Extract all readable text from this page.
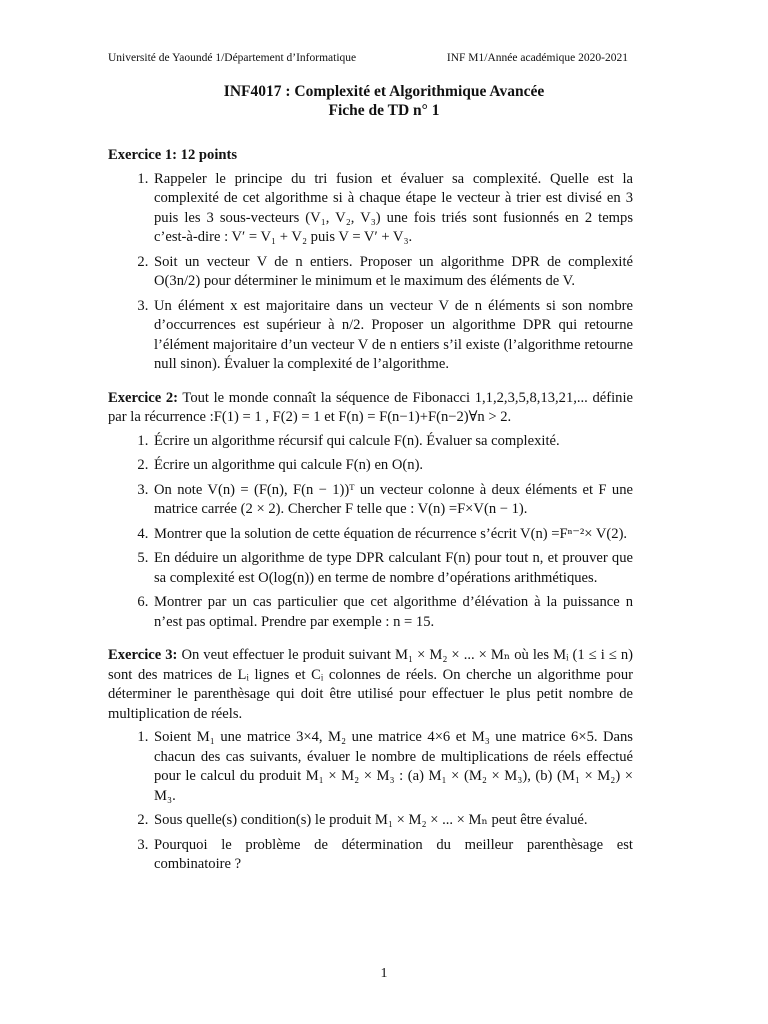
Université de Yaoundé 1/Département d’Informatique	INF M1/Année académique 2020-2021
INF4017 : Complexité et Algorithmique Avancée
Fiche de TD n° 1
Exercice 1: 12 points
1. Rappeler le principe du tri fusion et évaluer sa complexité. Quelle est la complexité de cet algorithme si à chaque étape le vecteur à trier est divisé en 3 puis les 3 sous-vecteurs (V₁, V₂, V₃) une fois triés sont fusionnés en 2 temps c’est-à-dire : V′ = V₁ + V₂ puis V = V′ + V₃.
2. Soit un vecteur V de n entiers. Proposer un algorithme DPR de complexité O(3n/2) pour déterminer le minimum et le maximum des éléments de V.
3. Un élément x est majoritaire dans un vecteur V de n éléments si son nombre d’occurrences est supérieur à n/2. Proposer un algorithme DPR qui retourne l’élément majoritaire d’un vecteur V de n entiers s’il existe (l’algorithme retourne null sinon). Évaluer la complexité de l’algorithme.
Exercice 2: Tout le monde connaît la séquence de Fibonacci 1,1,2,3,5,8,13,21,... définie par la récurrence :F(1) = 1 , F(2) = 1 et F(n) = F(n−1)+F(n−2)∀n > 2.
1. Écrire un algorithme récursif qui calcule F(n). Évaluer sa complexité.
2. Écrire un algorithme qui calcule F(n) en O(n).
3. On note V(n) = (F(n), F(n − 1))ᵀ un vecteur colonne à deux éléments et F une matrice carrée (2 × 2). Chercher F telle que : V(n) =F×V(n − 1).
4. Montrer que la solution de cette équation de récurrence s’écrit V(n) =Fⁿ⁻²× V(2).
5. En déduire un algorithme de type DPR calculant F(n) pour tout n, et prouver que sa complexité est O(log(n)) en terme de nombre d’opérations arithmétiques.
6. Montrer par un cas particulier que cet algorithme d’élévation à la puissance n n’est pas optimal. Prendre par exemple : n = 15.
Exercice 3: On veut effectuer le produit suivant M₁ × M₂ × ... × Mₙ où les Mᵢ (1 ≤ i ≤ n) sont des matrices de Lᵢ lignes et Cᵢ colonnes de réels. On cherche un algorithme pour déterminer le parenthèsage qui doit être utilisé pour effectuer le plus petit nombre de multiplication de réels.
1. Soient M₁ une matrice 3×4, M₂ une matrice 4×6 et M₃ une matrice 6×5. Dans chacun des cas suivants, évaluer le nombre de multiplications de réels effectué pour le calcul du produit M₁ × M₂ × M₃ : (a) M₁ × (M₂ × M₃), (b) (M₁ × M₂) × M₃.
2. Sous quelle(s) condition(s) le produit M₁ × M₂ × ... × Mₙ peut être évalué.
3. Pourquoi le problème de détermination du meilleur parenthèsage est combinatoire ?
1
